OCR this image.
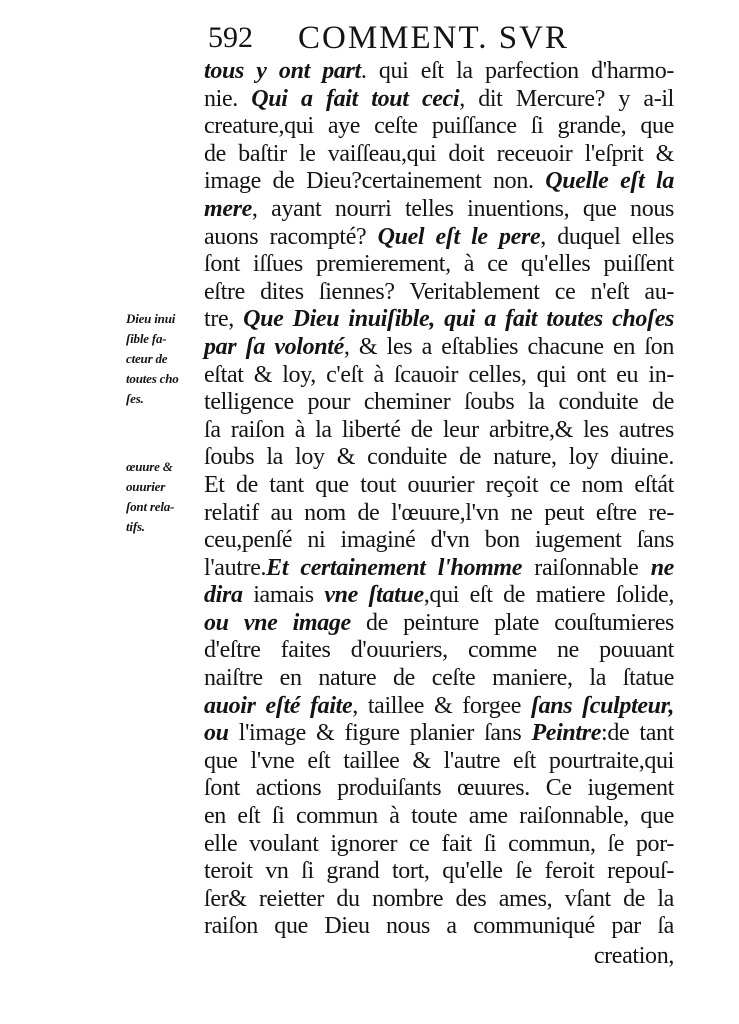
592 COMMENT. SVR
Dieu inui
ſible fa-
cteur de
toutes cho
ſes.
œuure &
ouurier
ſont rela-
tifs.
tous y ont part. qui eſt la parfection d'harmo-
nie. Qui a fait tout ceci, dit Mercure? y a-il
creature,qui aye ceſte puiſſance ſi grande, que
de baſtir le vaiſſeau,qui doit receuoir l'eſprit &
image de Dieu?certainement non. Quelle eſt la
mere, ayant nourri telles inuentions, que nous
auons racompté? Quel eſt le pere, duquel elles
ſont iſſues premierement, à ce qu'elles puiſſent
eſtre dites ſiennes? Veritablement ce n'eſt au-
tre, Que Dieu inuiſible, qui a fait toutes choſes
par ſa volonté, & les a eſtablies chacune en ſon
eſtat & loy, c'eſt à ſcauoir celles, qui ont eu in-
telligence pour cheminer ſoubs la conduite de
ſa raiſon à la liberté de leur arbitre,& les autres
ſoubs la loy & conduite de nature, loy diuine.
Et de tant que tout ouurier reçoit ce nom eſtát
relatif au nom de l'œuure,l'vn ne peut eſtre re-
ceu,penſé ni imaginé d'vn bon iugement ſans
l'autre.Et certainement l'homme raiſonnable ne
dira iamais vne ſtatue,qui eſt de matiere ſolide,
ou vne image de peinture plate couſtumieres
d'eſtre faites d'ouuriers, comme ne pouuant
naiſtre en nature de ceſte maniere, la ſtatue
auoir eſté faite, taillee & forgee ſans ſculpteur,
ou l'image & figure planier ſans Peintre:de tant
que l'vne eſt taillee & l'autre eſt pourtraite,qui
ſont actions produiſants œuures. Ce iugement
en eſt ſi commun à toute ame raiſonnable, que
elle voulant ignorer ce fait ſi commun, ſe por-
teroit vn ſi grand tort, qu'elle ſe feroit repouſ-
ſer& reietter du nombre des ames, vſant de la
raiſon que Dieu nous a communiqué par ſa
creation,
